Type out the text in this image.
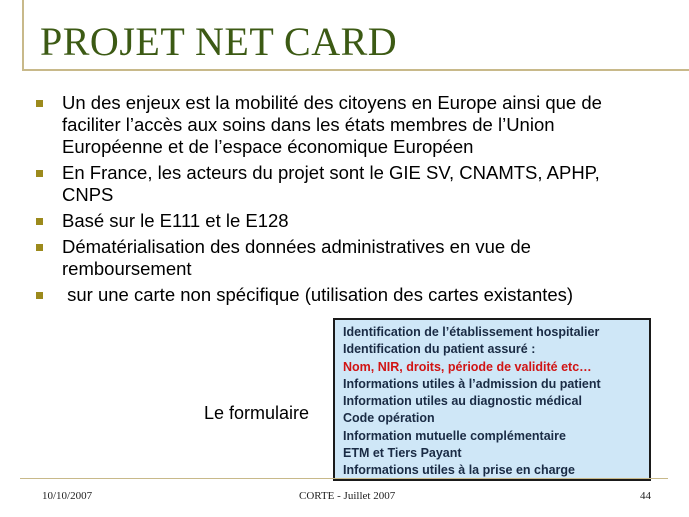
PROJET NET CARD
Un des enjeux est la mobilité des citoyens en Europe ainsi que de faciliter l’accès aux soins dans les états membres de l’Union Européenne et de l’espace économique Européen
En France, les acteurs du projet sont le GIE SV, CNAMTS, APHP, CNPS
Basé sur le E111 et le E128
Dématérialisation des données administratives en vue de remboursement
sur une carte non spécifique (utilisation des cartes existantes)
Le formulaire
Identification de l’établissement hospitalier
Identification du patient assuré :
Nom, NIR, droits, période de validité etc…
Informations utiles à l’admission du patient
Information utiles au diagnostic médical
Code opération
Information mutuelle complémentaire
ETM et Tiers Payant
Informations utiles à la prise en charge
10/10/2007	CORTE - Juillet 2007	44
